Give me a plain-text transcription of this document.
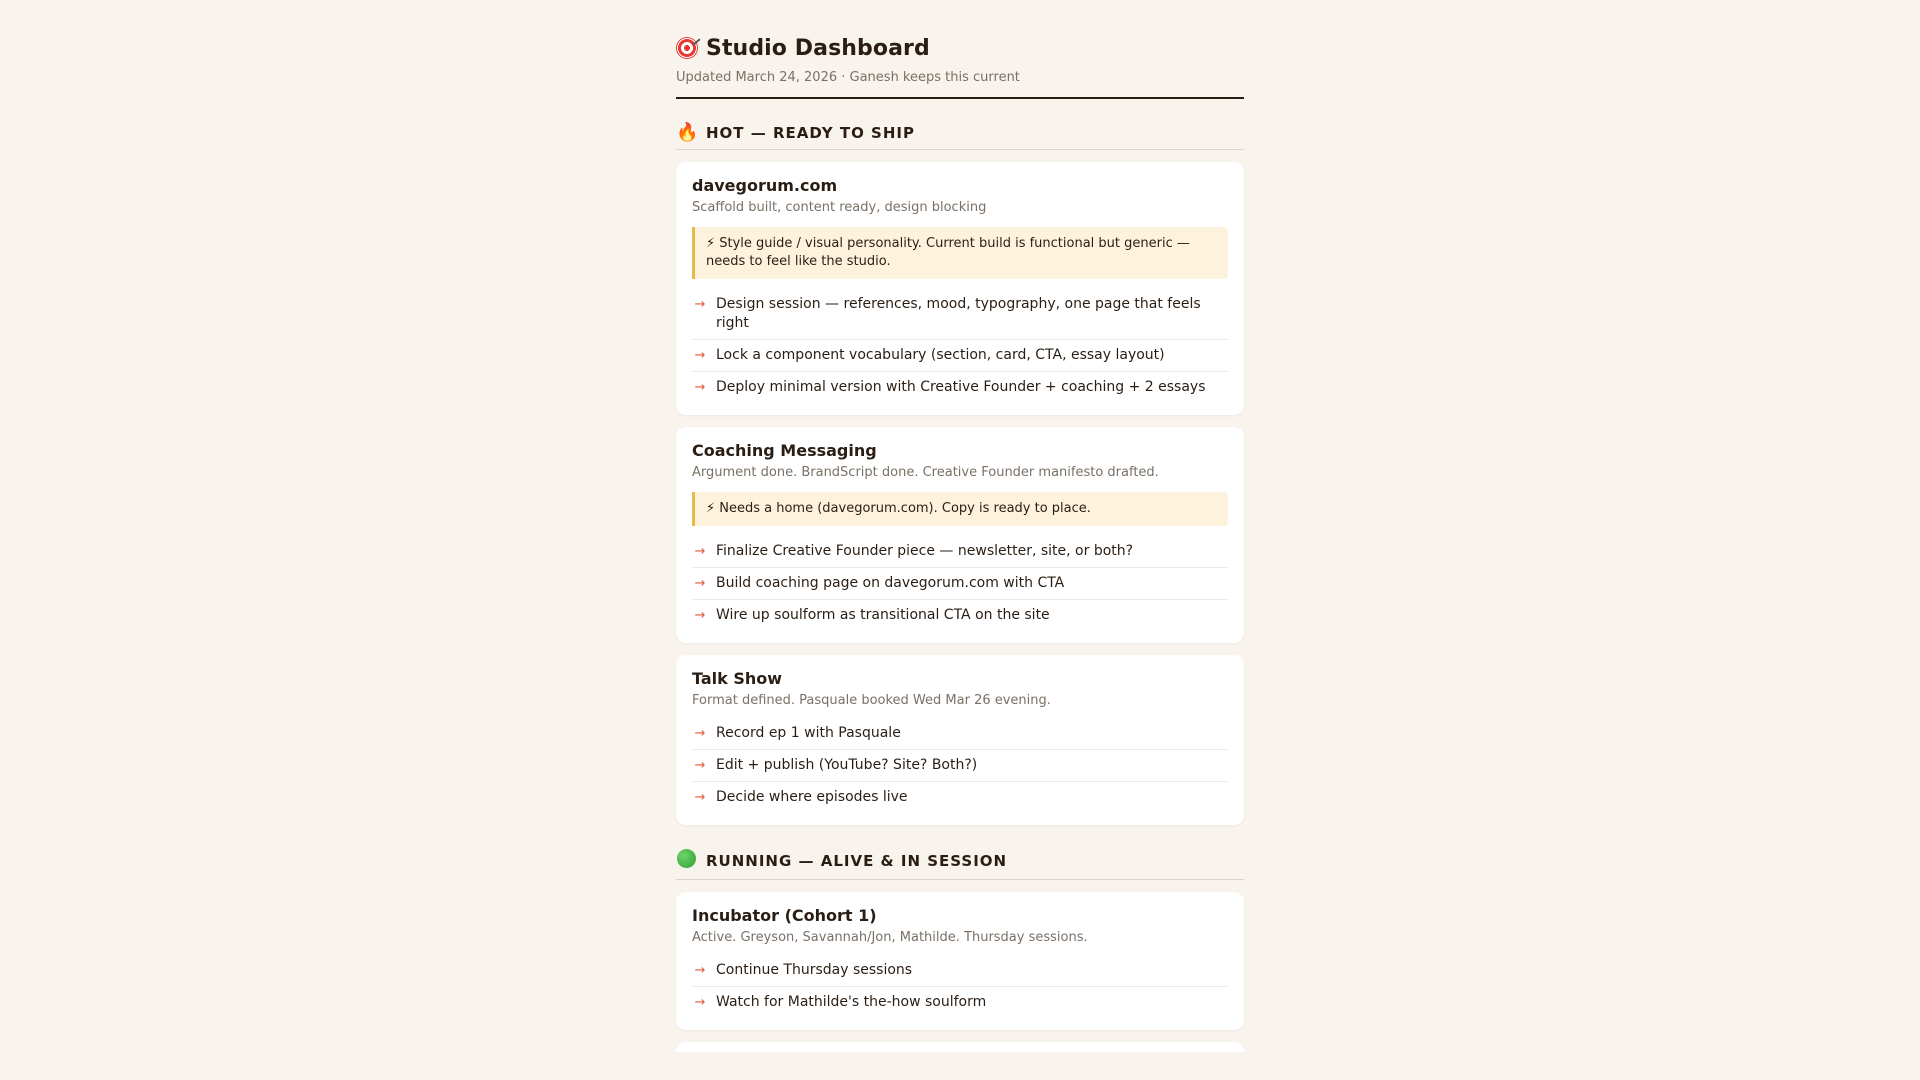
Studio Dashboard
Updated March 24, 2026 · Ganesh keeps this current
🔥 HOT — READY TO SHIP
davegorum.com
Scaffold built, content ready, design blocking
⚡ Style guide / visual personality. Current build is functional but generic — needs to feel like the studio.
→ Design session — references, mood, typography, one page that feels right
→ Lock a component vocabulary (section, card, CTA, essay layout)
→ Deploy minimal version with Creative Founder + coaching + 2 essays
Coaching Messaging
Argument done. BrandScript done. Creative Founder manifesto drafted.
⚡ Needs a home (davegorum.com). Copy is ready to place.
→ Finalize Creative Founder piece — newsletter, site, or both?
→ Build coaching page on davegorum.com with CTA
→ Wire up soulform as transitional CTA on the site
Talk Show
Format defined. Pasquale booked Wed Mar 26 evening.
→ Record ep 1 with Pasquale
→ Edit + publish (YouTube? Site? Both?)
→ Decide where episodes live
RUNNING — ALIVE & IN SESSION
Incubator (Cohort 1)
Active. Greyson, Savannah/Jon, Mathilde. Thursday sessions.
→ Continue Thursday sessions
→ Watch for Mathilde's the-how soulform
